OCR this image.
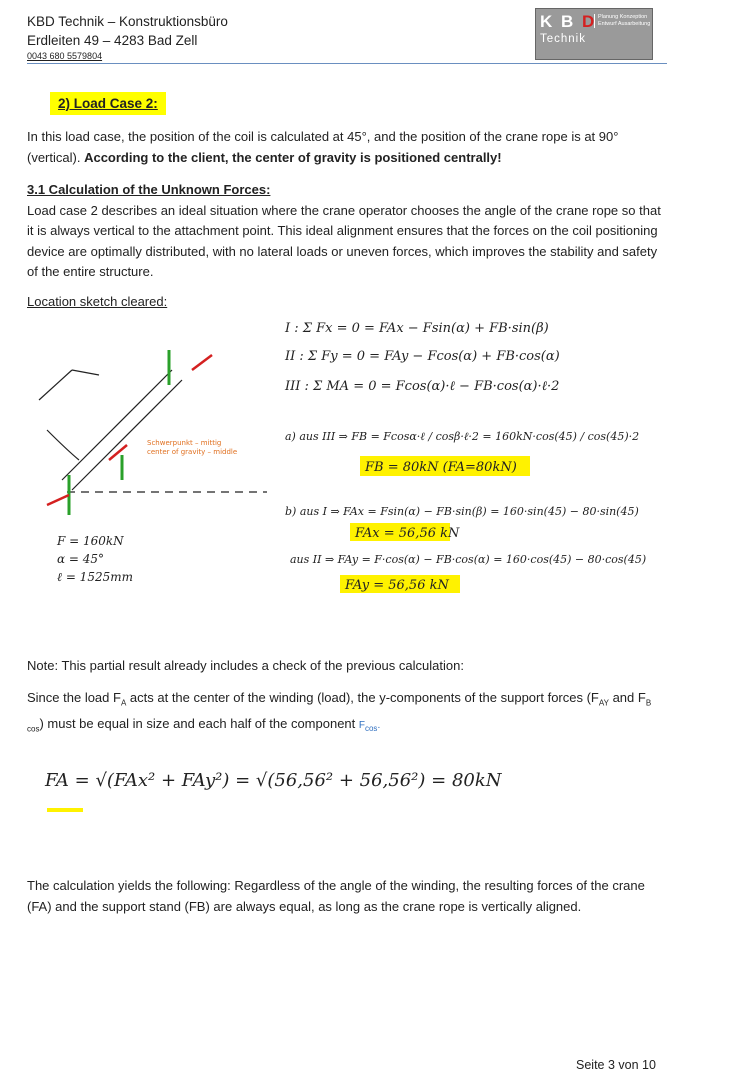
KBD Technik – Konstruktionsbüro
Erdleiten 49 – 4283 Bad Zell
0043 680 5579804
K B D
Technik
Planung Konzeption Entwurf Ausarbeitung
2) Load Case 2:
In this load case, the position of the coil is calculated at 45°, and the position of the crane rope is at 90° (vertical). According to the client, the center of gravity is positioned centrally!
3.1 Calculation of the Unknown Forces:
Load case 2 describes an ideal situation where the crane operator chooses the angle of the crane rope so that it is always vertical to the attachment point. This ideal alignment ensures that the forces on the coil positioning device are optimally distributed, with no lateral loads or uneven forces, which improves the stability and safety of the entire structure.
Location sketch cleared:
Schwerpunkt – mittig
center of gravity – middle
F = 160kN
α = 45°
ℓ = 1525mm
I : Σ Fx = 0 = FAx − Fsin(α) + FB·sin(β)
II : Σ Fy = 0 = FAy − Fcos(α) + FB·cos(α)
III : Σ MA = 0 = Fcos(α)·ℓ − FB·cos(α)·ℓ·2
a) aus III ⇒ FB = Fcosα·ℓ / cosβ·ℓ·2 = 160kN·cos(45) / cos(45)·2
FB = 80kN (FA=80kN)
b) aus I ⇒ FAx = Fsin(α) − FB·sin(β) = 160·sin(45) − 80·sin(45)
FAx = 56,56 kN
aus II ⇒ FAy = F·cos(α) − FB·cos(α) = 160·cos(45) − 80·cos(45)
FAy = 56,56 kN
Note: This partial result already includes a check of the previous calculation:
Since the load $F_A$ acts at the center of the winding (load), the y-components of the support forces ($F_{AY}$ and $F_{B cos}$) must be equal in size and each half of the component $F_{cos}$.
FA = √(FAx² + FAy²) = √(56,56² + 56,56²) = 80kN
The calculation yields the following: Regardless of the angle of the winding, the resulting forces of the crane (FA) and the support stand (FB) are always equal, as long as the crane rope is vertically aligned.
Seite 3 von 10
